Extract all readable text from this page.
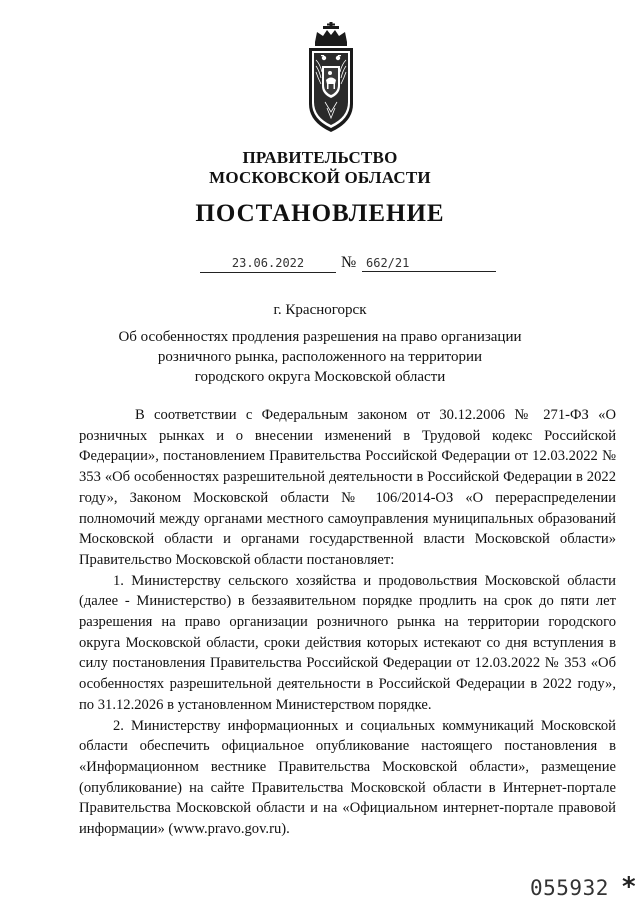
ПРАВИТЕЛЬСТВО
МОСКОВСКОЙ ОБЛАСТИ
ПОСТАНОВЛЕНИЕ
23.06.2022	№ 662/21
г. Красногорск
Об особенностях продления разрешения на право организации
розничного рынка, расположенного на территории
городского округа Московской области

В соответствии с Федеральным законом от 30.12.2006 № 271-ФЗ «О розничных рынках и о внесении изменений в Трудовой кодекс Российской Федерации», постановлением Правительства Российской Федерации от 12.03.2022 № 353 «Об особенностях разрешительной деятельности в Российской Федерации в 2022 году», Законом Московской области № 106/2014-ОЗ «О перераспределении полномочий между органами местного самоуправления муниципальных образований Московской области и органами государственной власти Московской области» Правительство Московской области постановляет:

1. Министерству сельского хозяйства и продовольствия Московской области (далее - Министерство) в беззаявительном порядке продлить на срок до пяти лет разрешения на право организации розничного рынка на территории городского округа Московской области, сроки действия которых истекают со дня вступления в силу постановления Правительства Российской Федерации от 12.03.2022 № 353 «Об особенностях разрешительной деятельности в Российской Федерации в 2022 году», по 31.12.2026 в установленном Министерством порядке.

2. Министерству информационных и социальных коммуникаций Московской области обеспечить официальное опубликование настоящего постановления в «Информационном вестнике Правительства Московской области», размещение (опубликование) на сайте Правительства Московской области в Интернет-портале Правительства Московской области и на «Официальном интернет-портале правовой информации» (www.pravo.gov.ru).

055932 *
